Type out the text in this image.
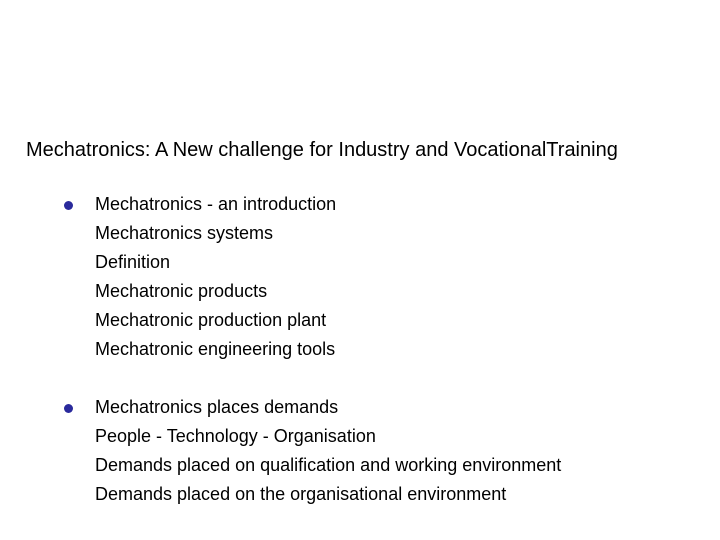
Mechatronics: A New challenge for Industry and VocationalTraining
Mechatronics - an introduction
Mechatronics systems
Definition
Mechatronic products
Mechatronic production plant
Mechatronic engineering tools
Mechatronics places demands
People - Technology - Organisation
Demands placed on qualification and working environment
Demands placed on the organisational environment
